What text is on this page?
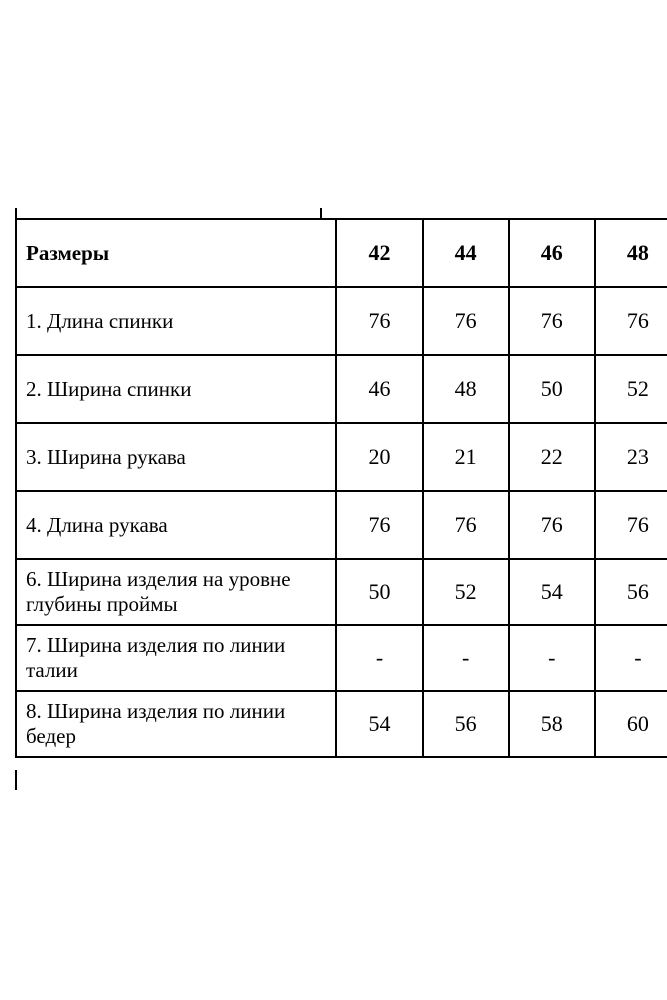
Размеры	42	44	46	48
1. Длина спинки	76	76	76	76
2. Ширина спинки	46	48	50	52
3. Ширина рукава	20	21	22	23
4. Длина рукава	76	76	76	76
6. Ширина изделия на уровне глубины проймы	50	52	54	56
7. Ширина изделия по линии талии	-	-	-	-
8. Ширина изделия по линии бедер	54	56	58	60
